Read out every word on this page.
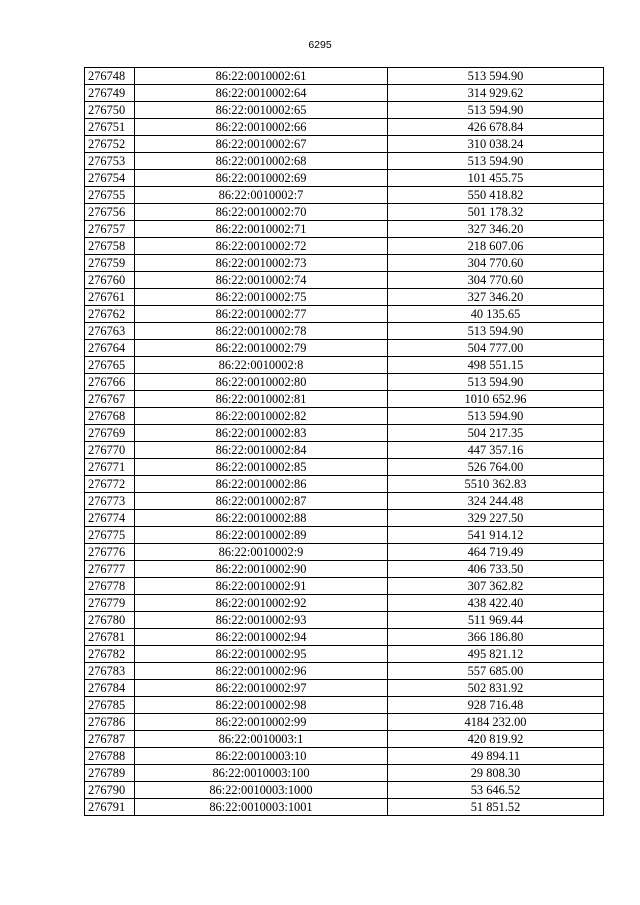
6295
276748	86:22:0010002:61	513 594.90
276749	86:22:0010002:64	314 929.62
276750	86:22:0010002:65	513 594.90
276751	86:22:0010002:66	426 678.84
276752	86:22:0010002:67	310 038.24
276753	86:22:0010002:68	513 594.90
276754	86:22:0010002:69	101 455.75
276755	86:22:0010002:7	550 418.82
276756	86:22:0010002:70	501 178.32
276757	86:22:0010002:71	327 346.20
276758	86:22:0010002:72	218 607.06
276759	86:22:0010002:73	304 770.60
276760	86:22:0010002:74	304 770.60
276761	86:22:0010002:75	327 346.20
276762	86:22:0010002:77	40 135.65
276763	86:22:0010002:78	513 594.90
276764	86:22:0010002:79	504 777.00
276765	86:22:0010002:8	498 551.15
276766	86:22:0010002:80	513 594.90
276767	86:22:0010002:81	1010 652.96
276768	86:22:0010002:82	513 594.90
276769	86:22:0010002:83	504 217.35
276770	86:22:0010002:84	447 357.16
276771	86:22:0010002:85	526 764.00
276772	86:22:0010002:86	5510 362.83
276773	86:22:0010002:87	324 244.48
276774	86:22:0010002:88	329 227.50
276775	86:22:0010002:89	541 914.12
276776	86:22:0010002:9	464 719.49
276777	86:22:0010002:90	406 733.50
276778	86:22:0010002:91	307 362.82
276779	86:22:0010002:92	438 422.40
276780	86:22:0010002:93	511 969.44
276781	86:22:0010002:94	366 186.80
276782	86:22:0010002:95	495 821.12
276783	86:22:0010002:96	557 685.00
276784	86:22:0010002:97	502 831.92
276785	86:22:0010002:98	928 716.48
276786	86:22:0010002:99	4184 232.00
276787	86:22:0010003:1	420 819.92
276788	86:22:0010003:10	49 894.11
276789	86:22:0010003:100	29 808.30
276790	86:22:0010003:1000	53 646.52
276791	86:22:0010003:1001	51 851.52
